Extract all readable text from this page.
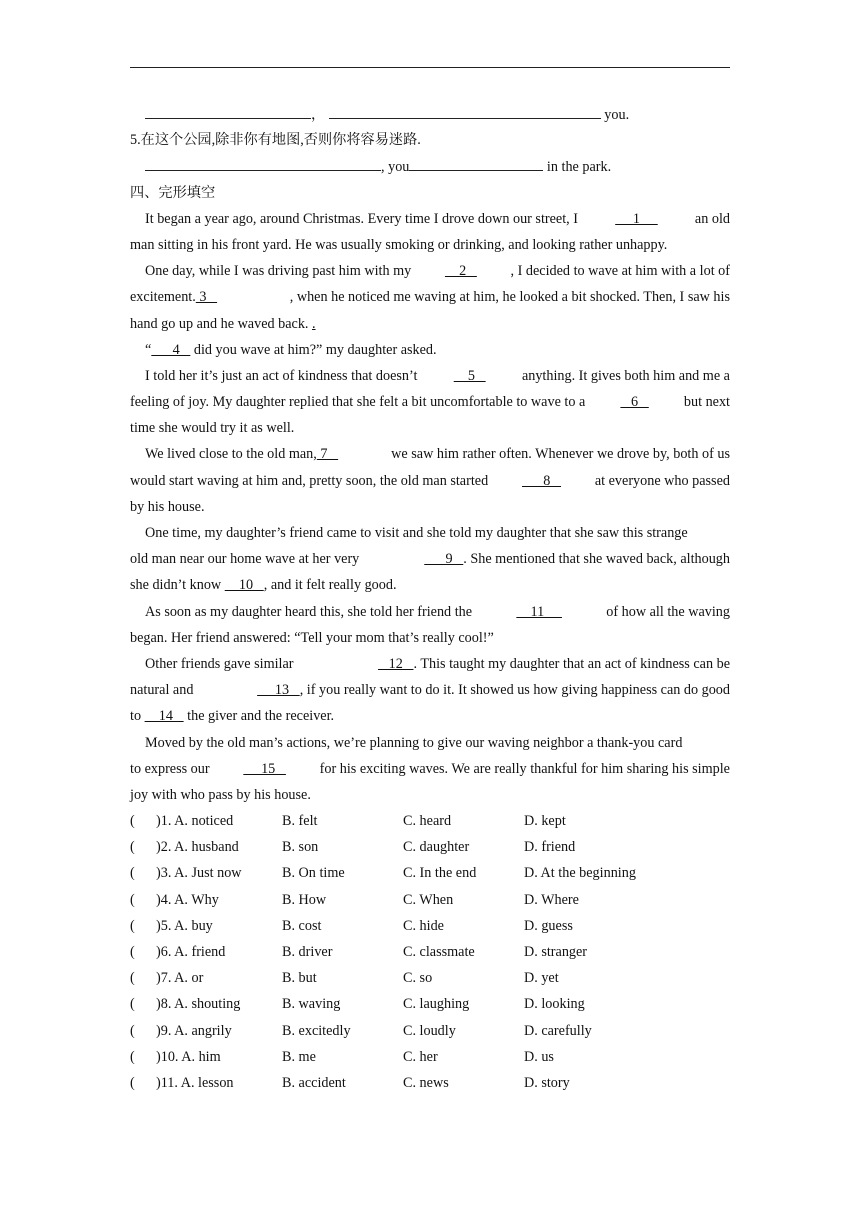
，	you.
5.在这个公园,除非你有地图,否则你将容易迷路.
, you	in the park.
四、完形填空
It began a year ago, around Christmas. Every time I drove down our street, I	1	an old
man sitting in his front yard. He was usually smoking or drinking, and looking rather unhappy.
One day, while I was driving past him with my 2 , I decided to wave at him with a lot of
excitement. 3	, when he noticed me waving at him, he looked a bit shocked. Then, I saw his
hand go up and he waved back. .
“      4    did you wave at him?” my daughter asked.
I told her it’s just an act of kindness that doesn’t	5	anything. It gives both him and me a
feeling of joy. My daughter replied that she felt a bit uncomfortable to wave to a 6 but next
time she would try it as well.
We lived close to the old man, 7	we saw him rather often. Whenever we drove by, both of us
would start waving at him and, pretty soon, the old man started 8 at everyone who passed
by his house.
One time, my daughter’s friend came to visit and she told my daughter that she saw this strange
old man near our home wave at her very	9   . She mentioned that she waved back, although
she didn’t know     10   , and it felt really good.
As soon as my daughter heard this, she told her friend the	11	of how all the waving
began. Her friend answered: “Tell your mom that’s really cool!”
Other friends gave similar	12   . This taught my daughter that an act of kindness can be
natural and	13   , if you really want to do it. It showed us how giving happiness can do good
to     14    the giver and the receiver.
Moved by the old man’s actions, we’re planning to give our waving neighbor a thank-you card
to express our 15 for his exciting waves. We are really thankful for him sharing his simple
joy with who pass by his house.
(      )1. A. noticed	B. felt	C. heard	D. kept
(      )2. A. husband	B. son	C. daughter	D. friend
(      )3. A. Just now	B. On time	C. In the end	D. At the beginning
(      )4. A. Why	B. How	C. When	D. Where
(      )5. A. buy	B. cost	C. hide	D. guess
(      )6. A. friend	B. driver	C. classmate	D. stranger
(      )7. A. or	B. but	C. so	D. yet
(      )8. A. shouting	B. waving	C. laughing	D. looking
(      )9. A. angrily	B. excitedly	C. loudly	D. carefully
(      )10. A. him	B. me	C. her	D. us
(      )11. A. lesson	B. accident	C. news	D. story
